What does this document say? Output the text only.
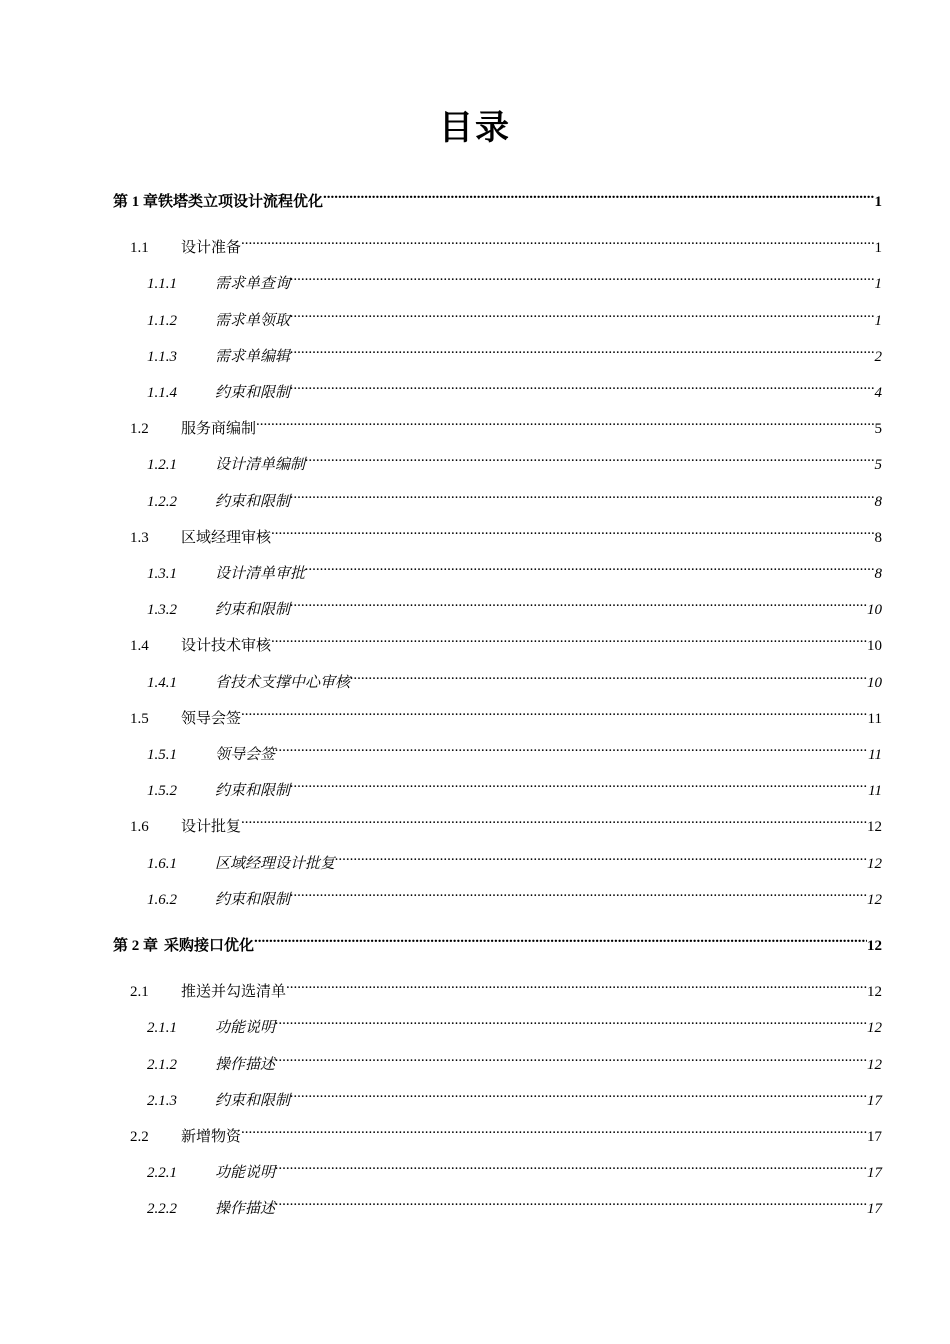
目录
第 1 章 铁塔类立项设计流程优化 .....	1
1.1	设计准备 .....	1
1.1.1	需求单查询 .....	1
1.1.2	需求单领取 .....	1
1.1.3	需求单编辑 .....	2
1.1.4	约束和限制 .....	4
1.2	服务商编制 .....	5
1.2.1	设计清单编制 .....	5
1.2.2	约束和限制 .....	8
1.3	区域经理审核 .....	8
1.3.1	设计清单审批 .....	8
1.3.2	约束和限制 .....	10
1.4	设计技术审核 .....	10
1.4.1	省技术支撑中心审核 .....	10
1.5	领导会签 .....	11
1.5.1	领导会签 .....	11
1.5.2	约束和限制 .....	11
1.6	设计批复 .....	12
1.6.1	区域经理设计批复 .....	12
1.6.2	约束和限制 .....	12
第 2 章 采购接口优化 .....	12
2.1	推送并勾选清单 .....	12
2.1.1	功能说明 .....	12
2.1.2	操作描述 .....	12
2.1.3	约束和限制 .....	17
2.2	新增物资 .....	17
2.2.1	功能说明 .....	17
2.2.2	操作描述 .....	17
